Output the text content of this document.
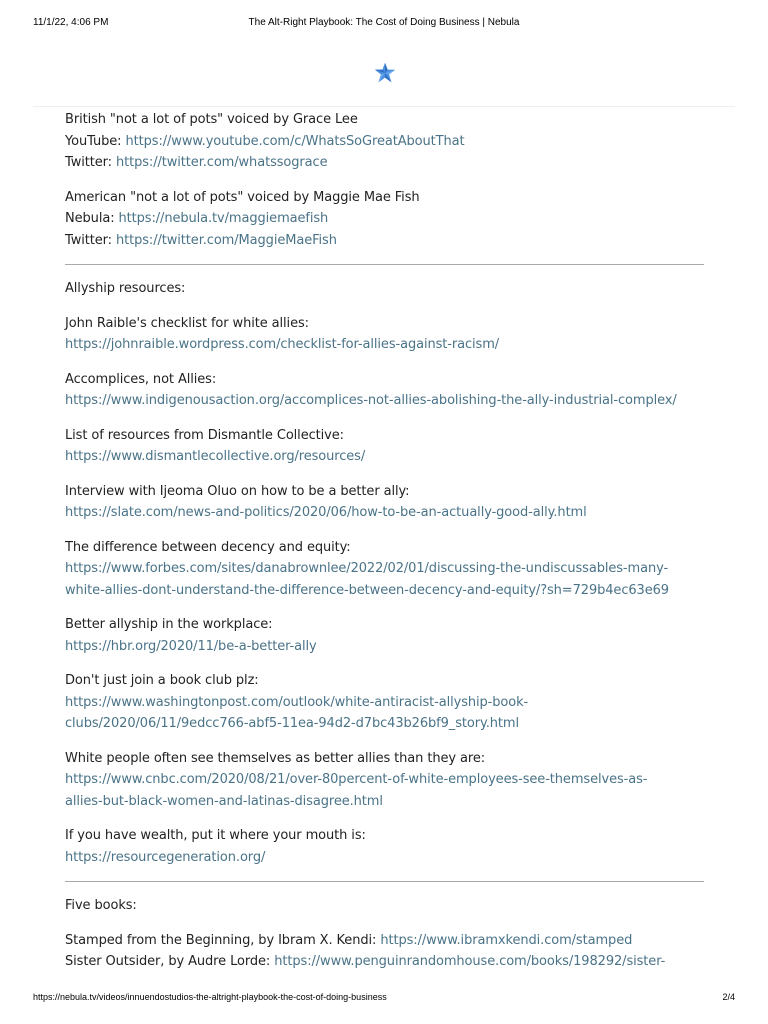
11/1/22, 4:06 PM	The Alt-Right Playbook: The Cost of Doing Business | Nebula
British "not a lot of pots" voiced by Grace Lee
YouTube: https://www.youtube.com/c/WhatsSoGreatAboutThat
Twitter: https://twitter.com/whatssograce
American "not a lot of pots" voiced by Maggie Mae Fish
Nebula: https://nebula.tv/maggiemaefish
Twitter: https://twitter.com/MaggieMaeFish
Allyship resources:
John Raible's checklist for white allies:
https://johnraible.wordpress.com/checklist-for-allies-against-racism/
Accomplices, not Allies:
https://www.indigenousaction.org/accomplices-not-allies-abolishing-the-ally-industrial-complex/
List of resources from Dismantle Collective:
https://www.dismantlecollective.org/resources/
Interview with Ijeoma Oluo on how to be a better ally:
https://slate.com/news-and-politics/2020/06/how-to-be-an-actually-good-ally.html
The difference between decency and equity:
https://www.forbes.com/sites/danabrownlee/2022/02/01/discussing-the-undiscussables-many-
white-allies-dont-understand-the-difference-between-decency-and-equity/?sh=729b4ec63e69
Better allyship in the workplace:
https://hbr.org/2020/11/be-a-better-ally
Don't just join a book club plz:
https://www.washingtonpost.com/outlook/white-antiracist-allyship-book-
clubs/2020/06/11/9edcc766-abf5-11ea-94d2-d7bc43b26bf9_story.html
White people often see themselves as better allies than they are:
https://www.cnbc.com/2020/08/21/over-80percent-of-white-employees-see-themselves-as-
allies-but-black-women-and-latinas-disagree.html
If you have wealth, put it where your mouth is:
https://resourcegeneration.org/
Five books:
Stamped from the Beginning, by Ibram X. Kendi: https://www.ibramxkendi.com/stamped
Sister Outsider, by Audre Lorde: https://www.penguinrandomhouse.com/books/198292/sister-
https://nebula.tv/videos/innuendostudios-the-altright-playbook-the-cost-of-doing-business	2/4
